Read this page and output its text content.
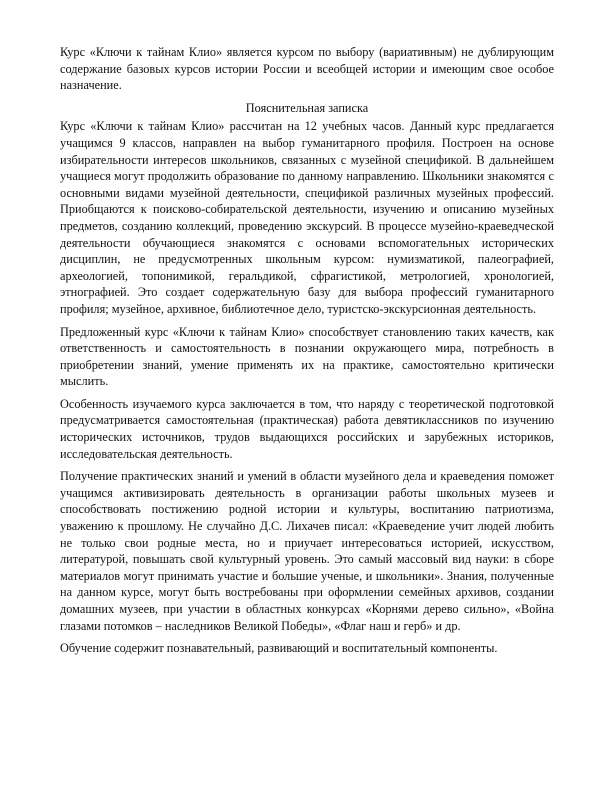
Курс «Ключи к тайнам Клио» является курсом по выбору (вариативным) не дублирующим содержание базовых курсов истории России и всеобщей истории и имеющим свое особое назначение.

Пояснительная записка

Курс «Ключи к тайнам Клио» рассчитан на 12 учебных часов. Данный курс предлагается учащимся 9 классов, направлен на выбор гуманитарного профиля. Построен на основе избирательности интересов школьников, связанных с музейной спецификой. В дальнейшем учащиеся могут продолжить образование по данному направлению. Школьники знакомятся с основными видами музейной деятельности, спецификой различных музейных профессий. Приобщаются к поисково-собирательской деятельности, изучению и описанию музейных предметов, созданию коллекций, проведению экскурсий. В процессе музейно-краеведческой деятельности обучающиеся знакомятся с основами вспомогательных исторических дисциплин, не предусмотренных школьным курсом: нумизматикой, палеографией, археологией, топонимикой, геральдикой, сфрагистикой, метрологией, хронологией, этнографией. Это создает содержательную базу для выбора профессий гуманитарного профиля; музейное, архивное, библиотечное дело, туристско-экскурсионная деятельность.

Предложенный курс «Ключи к тайнам Клио» способствует становлению таких качеств, как ответственность и самостоятельность в познании окружающего мира, потребность в приобретении знаний, умение применять их на практике, самостоятельно критически мыслить.

Особенность изучаемого курса заключается в том, что наряду с теоретической подготовкой предусматривается самостоятельная (практическая) работа девятиклассников по изучению исторических источников, трудов выдающихся российских и зарубежных историков, исследовательская деятельность.

Получение практических знаний и умений в области музейного дела и краеведения поможет учащимся активизировать деятельность в организации работы школьных музеев и способствовать постижению родной истории и культуры, воспитанию патриотизма, уважению к прошлому. Не случайно Д.С. Лихачев писал: «Краеведение учит людей любить не только свои родные места, но и приучает интересоваться историей, искусством, литературой, повышать свой культурный уровень. Это самый массовый вид науки: в сборе материалов могут принимать участие и большие ученые, и школьники». Знания, полученные на данном курсе, могут быть востребованы при оформлении семейных архивов, создании домашних музеев, при участии в областных конкурсах «Корнями дерево сильно», «Война глазами потомков – наследников Великой Победы», «Флаг наш и герб» и др.

Обучение содержит познавательный, развивающий и воспитательный компоненты.
